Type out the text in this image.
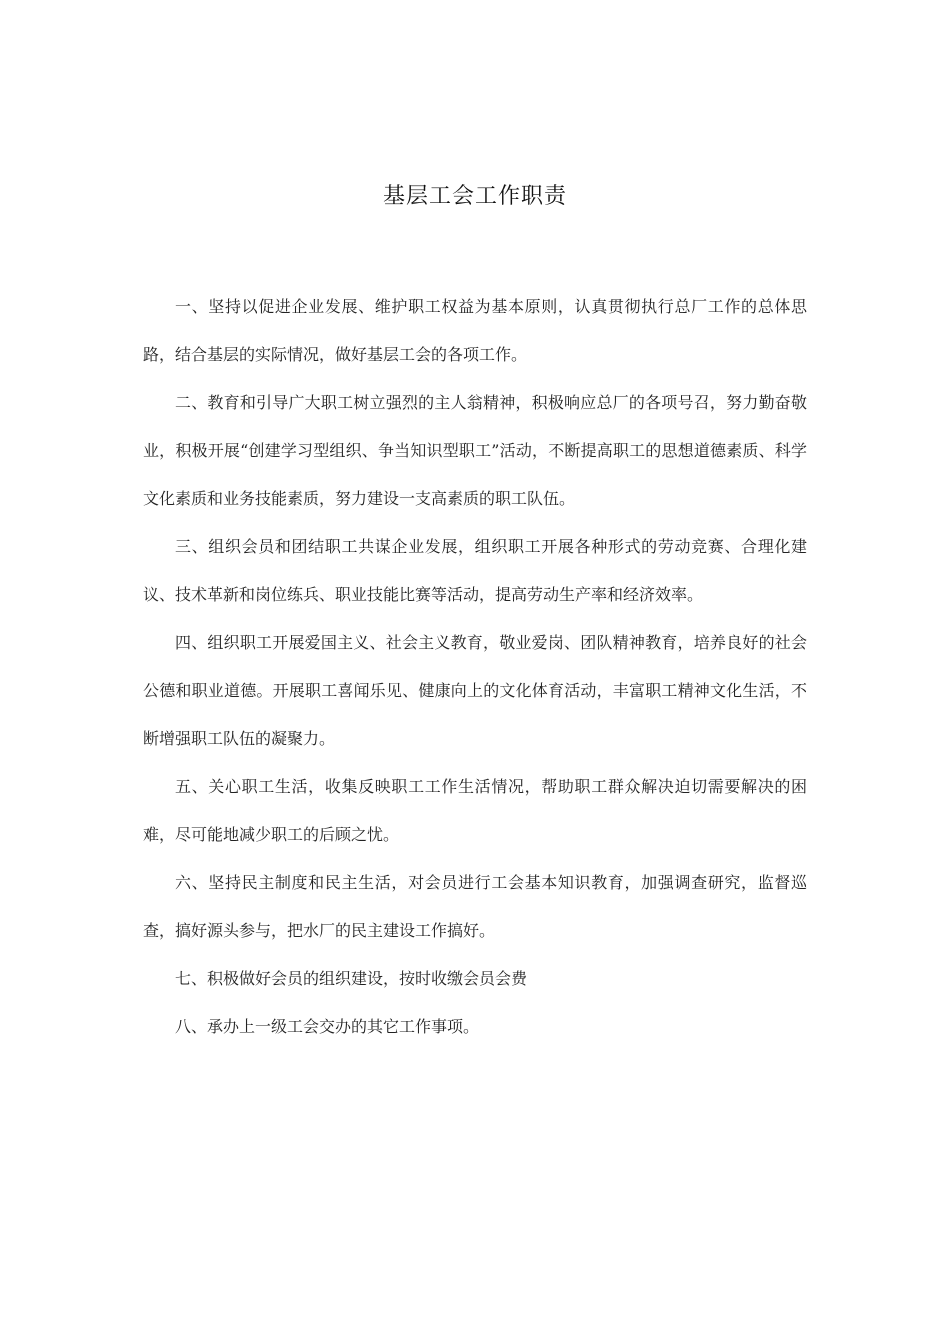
基层工会工作职责

一、坚持以促进企业发展、维护职工权益为基本原则，认真贯彻执行总厂工作的总体思路，结合基层的实际情况，做好基层工会的各项工作。

二、教育和引导广大职工树立强烈的主人翁精神，积极响应总厂的各项号召，努力勤奋敬业，积极开展“创建学习型组织、争当知识型职工”活动，不断提高职工的思想道德素质、科学文化素质和业务技能素质，努力建设一支高素质的职工队伍。

三、组织会员和团结职工共谋企业发展，组织职工开展各种形式的劳动竞赛、合理化建议、技术革新和岗位练兵、职业技能比赛等活动，提高劳动生产率和经济效率。

四、组织职工开展爱国主义、社会主义教育，敬业爱岗、团队精神教育，培养良好的社会公德和职业道德。开展职工喜闻乐见、健康向上的文化体育活动，丰富职工精神文化生活，不断增强职工队伍的凝聚力。

五、关心职工生活，收集反映职工工作生活情况，帮助职工群众解决迫切需要解决的困难，尽可能地减少职工的后顾之忧。

六、坚持民主制度和民主生活，对会员进行工会基本知识教育，加强调查研究，监督巡查，搞好源头参与，把水厂的民主建设工作搞好。

七、积极做好会员的组织建设，按时收缴会员会费

八、承办上一级工会交办的其它工作事项。
